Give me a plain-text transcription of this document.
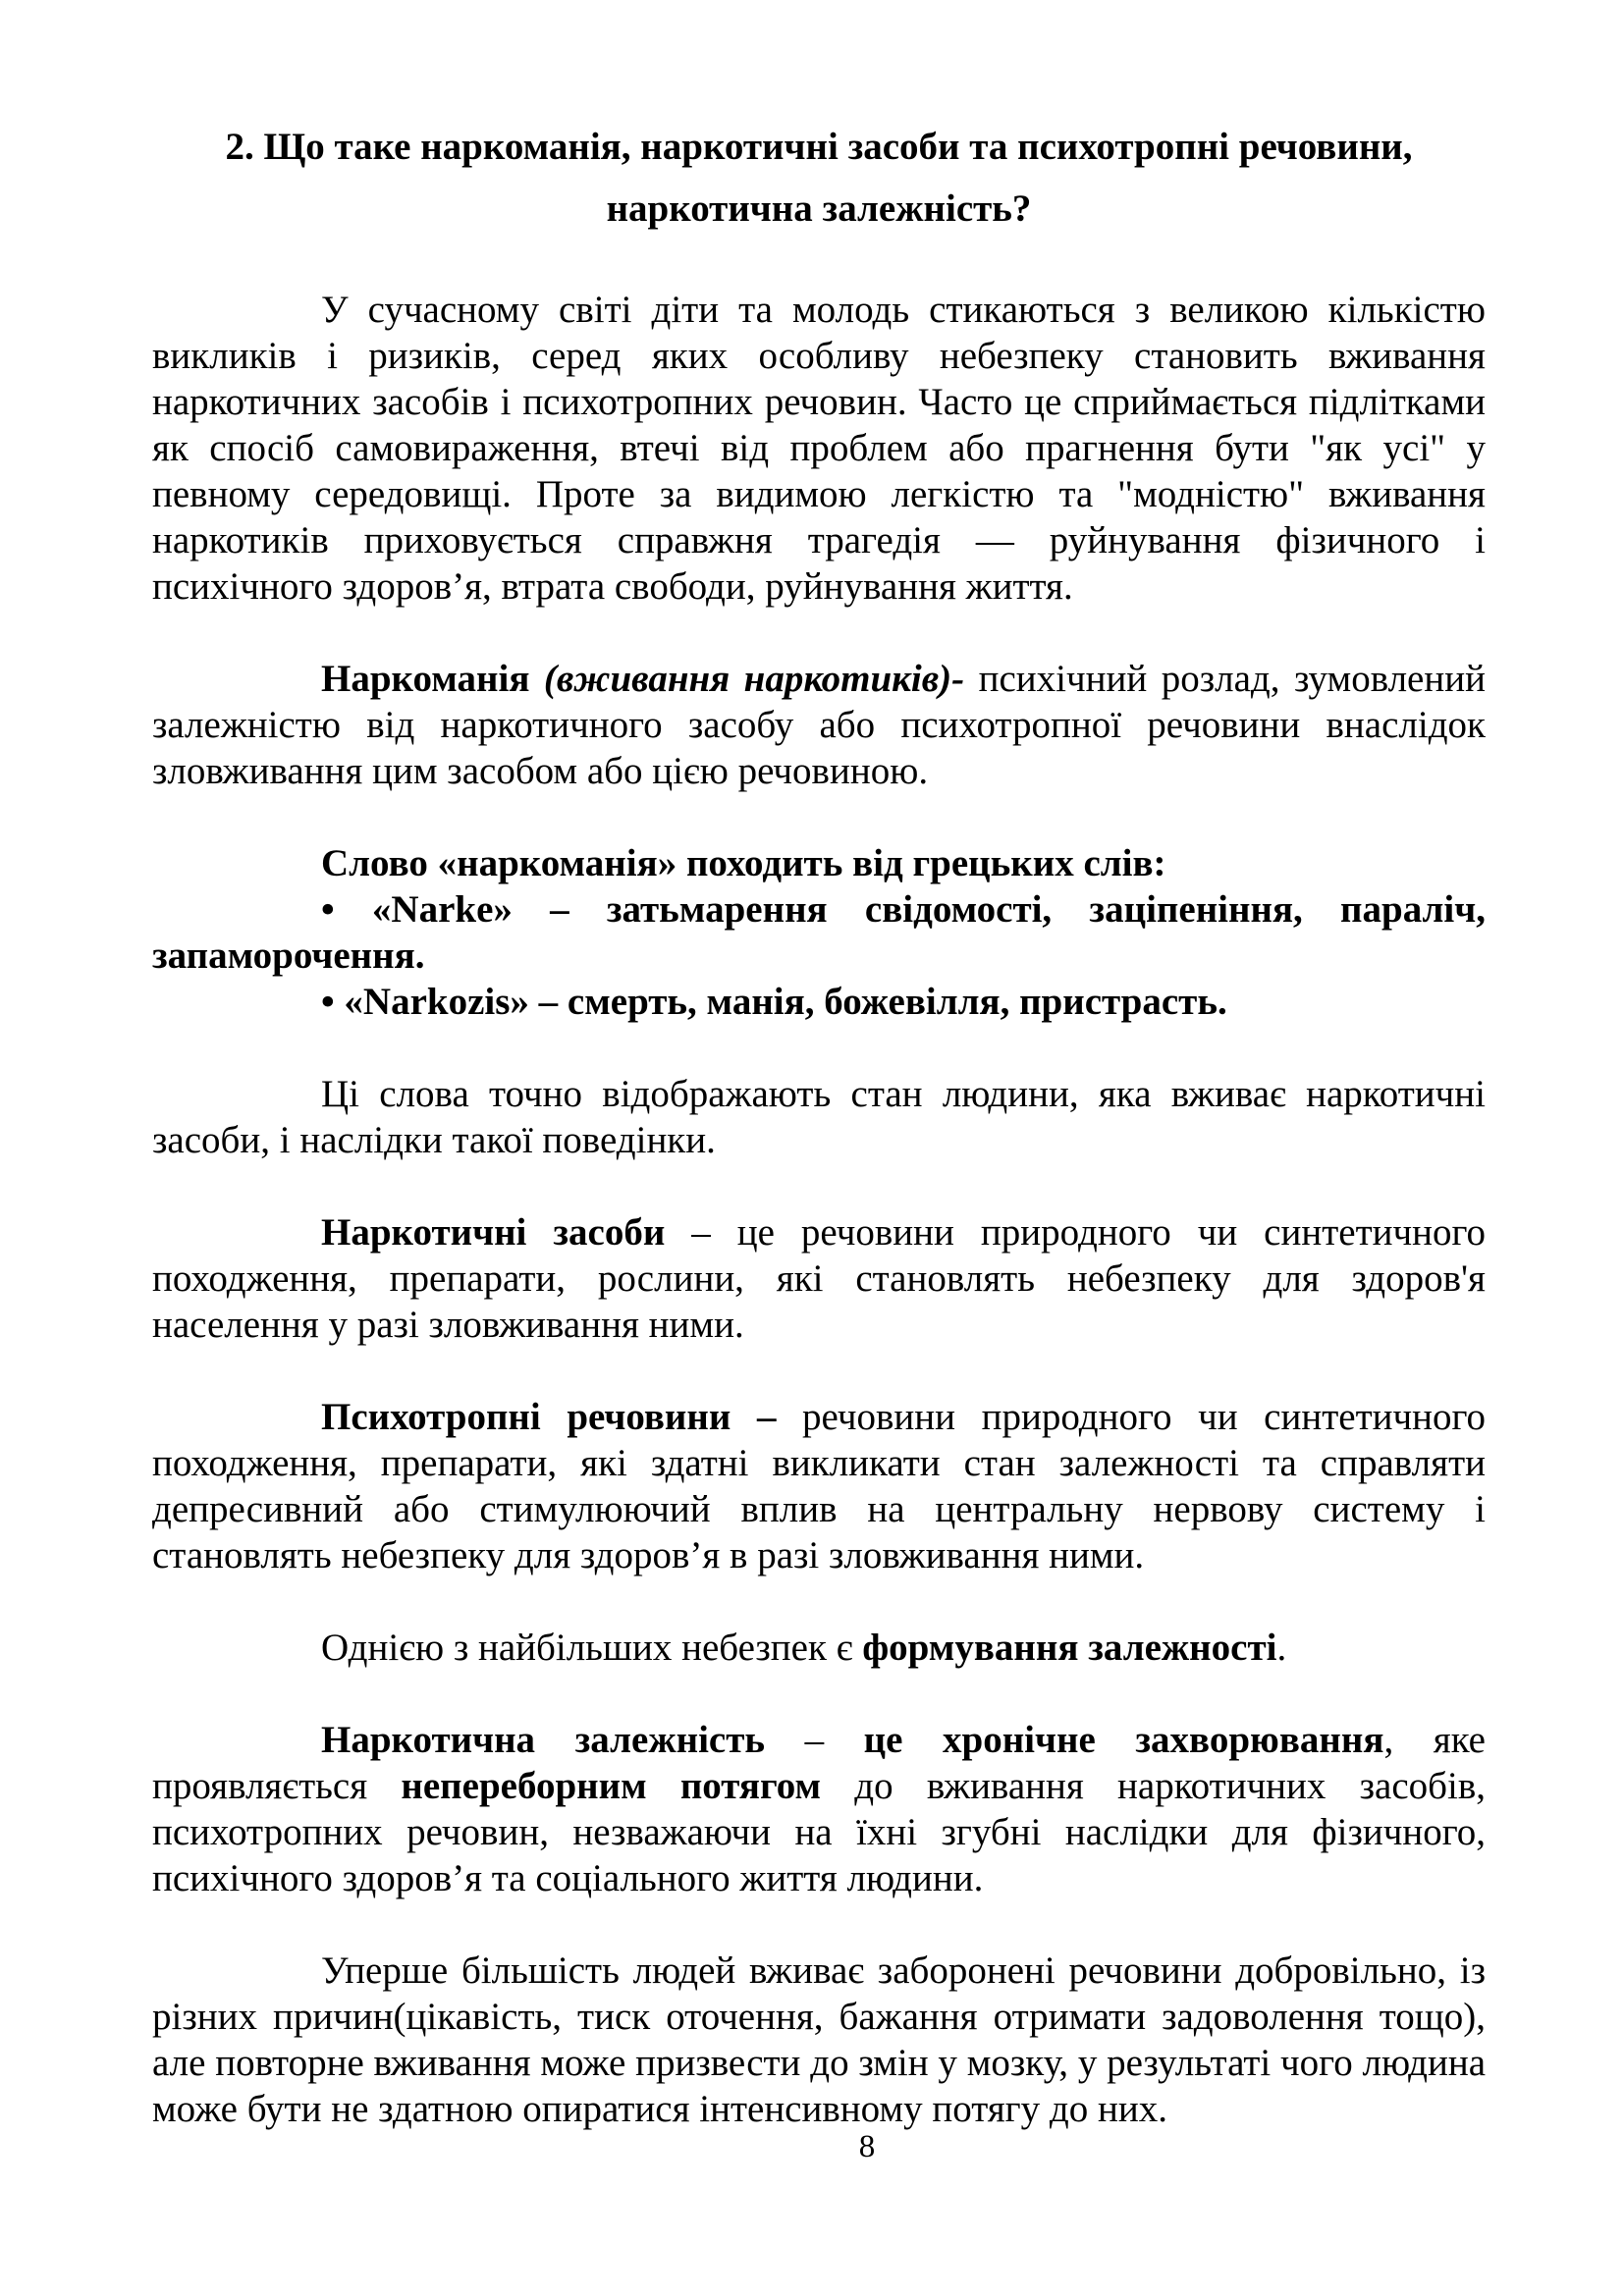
2. Що таке наркоманія, наркотичні засоби та психотропні речовини, наркотична залежність?

У сучасному світі діти та молодь стикаються з великою кількістю викликів і ризиків, серед яких особливу небезпеку становить вживання наркотичних засобів і психотропних речовин. Часто це сприймається підлітками як спосіб самовираження, втечі від проблем або прагнення бути "як усі" у певному середовищі. Проте за видимою легкістю та "модністю" вживання наркотиків приховується справжня трагедія — руйнування фізичного і психічного здоров’я, втрата свободи, руйнування життя.

Наркоманія (вживання наркотиків)- психічний розлад, зумовлений залежністю від наркотичного засобу або психотропної речовини внаслідок зловживання цим засобом або цією речовиною.

Слово «наркоманія» походить від грецьких слів:

• «Narke» – затьмарення свідомості, заціпеніння, параліч, запаморочення.

• «Narkozis» – смерть, манія, божевілля, пристрасть.

Ці слова точно відображають стан людини, яка вживає наркотичні засоби, і наслідки такої поведінки.

Наркотичні засоби – це речовини природного чи синтетичного походження, препарати, рослини, які становлять небезпеку для здоров'я населення у разі зловживання ними.

Психотропні речовини – речовини природного чи синтетичного походження, препарати, які здатні викликати стан залежності та справляти депресивний або стимулюючий вплив на центральну нервову систему і становлять небезпеку для здоров’я в разі зловживання ними.

Однією з найбільших небезпек є формування залежності.

Наркотична залежність – це хронічне захворювання, яке проявляється непереборним потягом до вживання наркотичних засобів, психотропних речовин, незважаючи на їхні згубні наслідки для фізичного, психічного здоров’я та соціального життя людини.

Уперше більшість людей вживає заборонені речовини добровільно, із різних причин(цікавість, тиск оточення, бажання отримати задоволення тощо), але повторне вживання може призвести до змін у мозку, у результаті чого людина може бути не здатною опиратися інтенсивному потягу до них.

8
